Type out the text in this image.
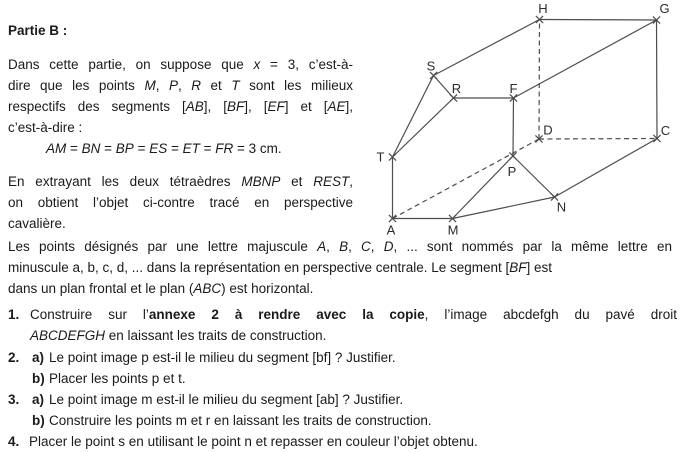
Partie B :
Dans cette partie, on suppose que x = 3, c’est-à-
dire que les points M, P, R et T sont les milieux
respectifs des segments [AB], [BF], [EF] et [AE],
c’est-à-dire :
AM = BN = BP = ES = ET = FR = 3 cm.
En extrayant les deux tétraèdres MBNP et REST,
on obtient l’objet ci-contre tracé en perspective
cavalière.	A	M
N
C
D
T
P
F
R
S
H	G
Les points désignés par une lettre majuscule A, B, C, D, ... sont nommés par la même lettre en
minuscule a, b, c, d, ... dans la représentation en perspective centrale. Le segment [BF] est
dans un plan frontal et le plan (ABC) est horizontal.
1. Construire sur l’annexe 2 à rendre avec la copie, l’image abcdefgh du pavé droit
ABCDEFGH en laissant les traits de construction.
2. a) Le point image p est-il le milieu du segment [bf] ? Justifier.
b) Placer les points p et t.
3. a) Le point image m est-il le milieu du segment [ab] ? Justifier.
b) Construire les points m et r en laissant les traits de construction.
4. Placer le point s en utilisant le point n et repasser en couleur l’objet obtenu.
